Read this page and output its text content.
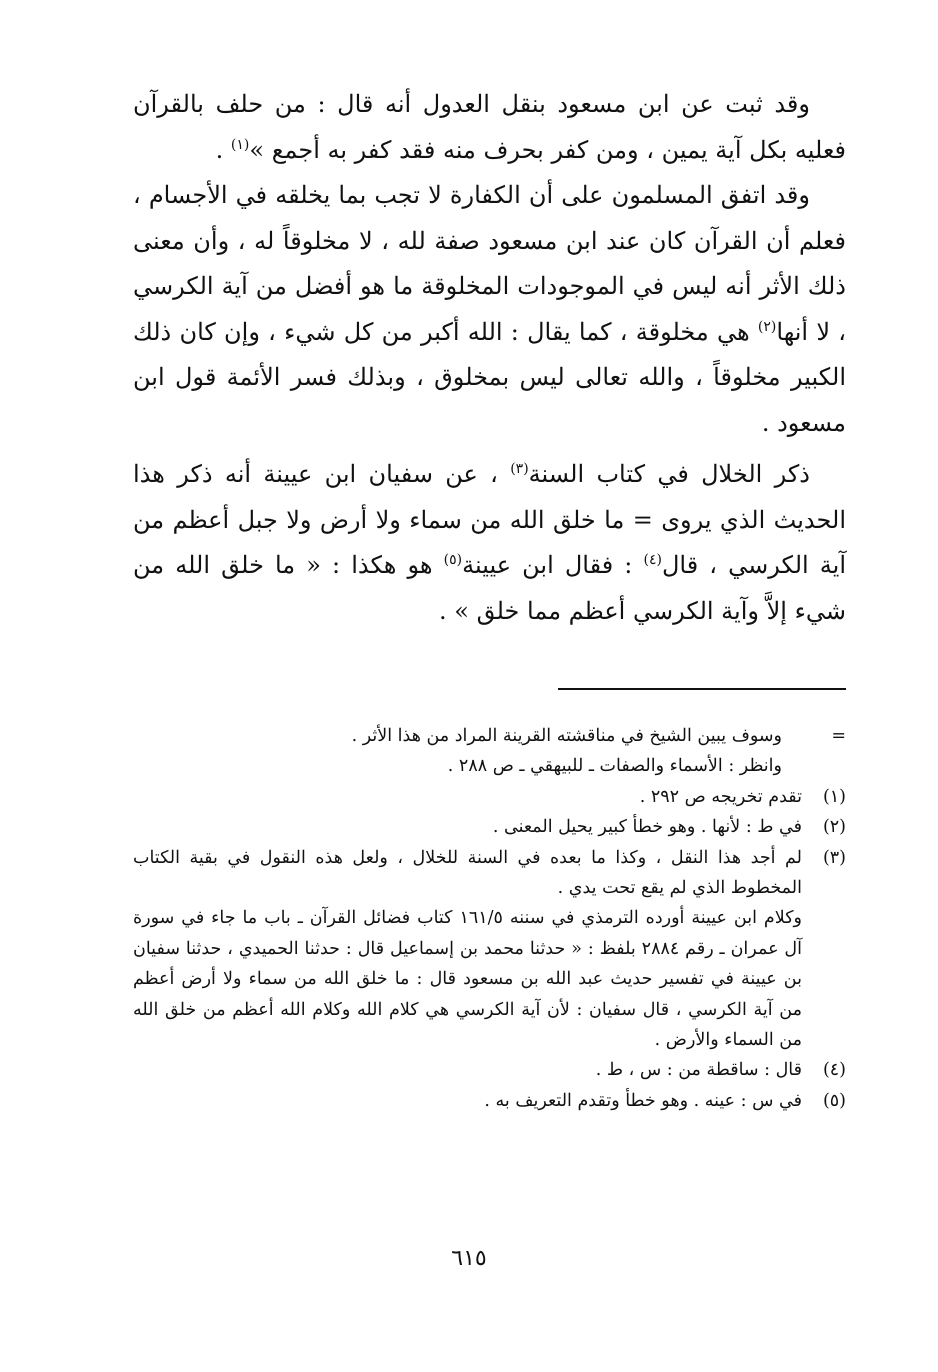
وقد ثبت عن ابن مسعود بنقل العدول أنه قال : من حلف بالقرآن فعليه بكل آية يمين ، ومن كفر بحرف منه فقد كفر به أجمع »$^{(١)}$ .

وقد اتفق المسلمون على أن الكفارة لا تجب بما يخلقه في الأجسام ، فعلم أن القرآن كان عند ابن مسعود صفة لله ، لا مخلوقاً له ، وأن معنى ذلك الأثر أنه ليس في الموجودات المخلوقة ما هو أفضل من آية الكرسي ، لا أنها$^{(٢)}$ هي مخلوقة ، كما يقال : الله أكبر من كل شيء ، وإن كان ذلك الكبير مخلوقاً ، والله تعالى ليس بمخلوق ، وبذلك فسر الأئمة قول ابن مسعود .

ذكر الخلال في كتاب السنة$^{(٣)}$ ، عن سفيان ابن عيينة أنه ذكر هذا الحديث الذي يروى = ما خلق الله من سماء ولا أرض ولا جبل أعظم من آية الكرسي ، قال$^{(٤)}$ : فقال ابن عيينة$^{(٥)}$ هو هكذا : « ما خلق الله من شيء إلاَّ وآية الكرسي أعظم مما خلق » .

=

وسوف يبين الشيخ في مناقشته القرينة المراد من هذا الأثر .

وانظر : الأسماء والصفات ـ للبيهقي ـ ص ٢٨٨ .

(١)

تقدم تخريجه ص ٢٩٢ .

(٢)

في ط : لأنها . وهو خطأ كبير يحيل المعنى .

(٣)

لم أجد هذا النقل ، وكذا ما بعده في السنة للخلال ، ولعل هذه النقول في بقية الكتاب المخطوط الذي لم يقع تحت يدي .

وكلام ابن عيينة أورده الترمذي في سننه ١٦١/٥ كتاب فضائل القرآن ـ باب ما جاء في سورة آل عمران ـ رقم ٢٨٨٤ بلفظ : « حدثنا محمد بن إسماعيل قال : حدثنا الحميدي ، حدثنا سفيان بن عيينة في تفسير حديث عبد الله بن مسعود قال : ما خلق الله من سماء ولا أرض أعظم من آية الكرسي ، قال سفيان : لأن آية الكرسي هي كلام الله وكلام الله أعظم من خلق الله من السماء والأرض .

(٤)

قال : ساقطة من : س ، ط .

(٥)

في س : عينه . وهو خطأ وتقدم التعريف به .

٦١٥
